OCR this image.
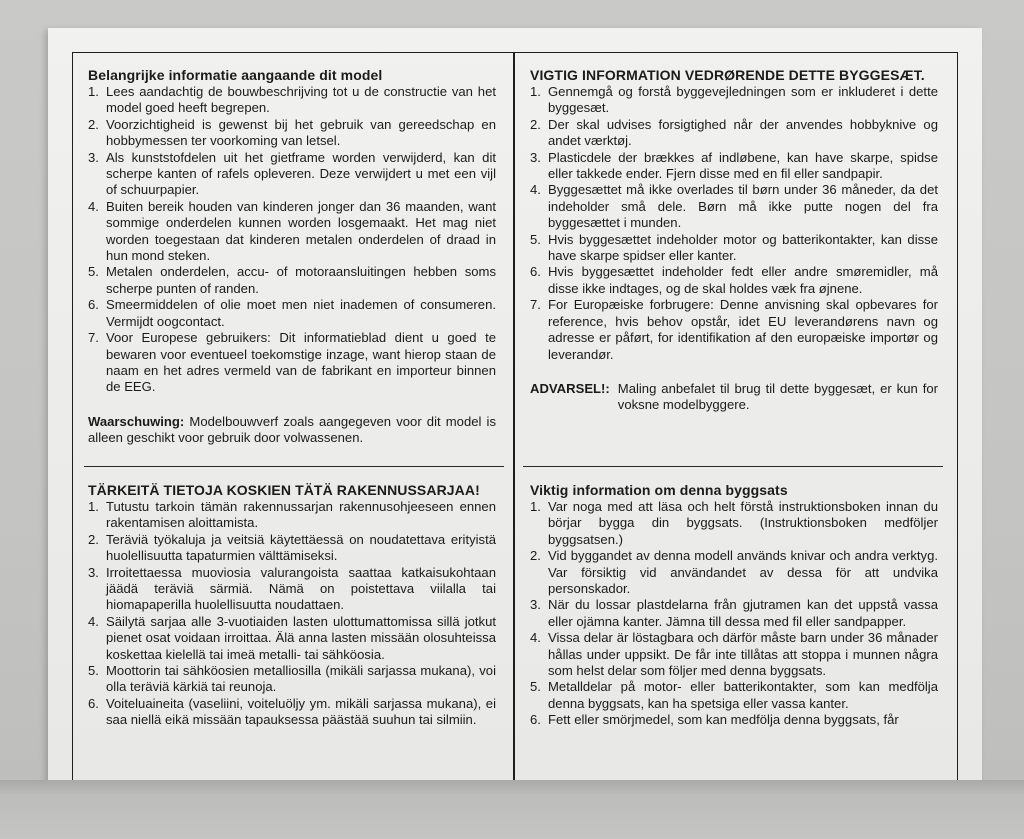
Belangrijke informatie aangaande dit model
1. Lees aandachtig de bouwbeschrijving tot u de constructie van het model goed heeft begrepen.
2. Voorzichtigheid is gewenst bij het gebruik van gereedschap en hobbymessen ter voorkoming van letsel.
3. Als kunststofdelen uit het gietframe worden verwijderd, kan dit scherpe kanten of rafels opleveren. Deze verwijdert u met een vijl of schuurpapier.
4. Buiten bereik houden van kinderen jonger dan 36 maanden, want sommige onderdelen kunnen worden losgemaakt. Het mag niet worden toegestaan dat kinderen metalen onderdelen of draad in hun mond steken.
5. Metalen onderdelen, accu- of motoraansluitingen hebben soms scherpe punten of randen.
6. Smeermiddelen of olie moet men niet inademen of consumeren. Vermijdt oogcontact.
7. Voor Europese gebruikers: Dit informatieblad dient u goed te bewaren voor eventueel toekomstige inzage, want hierop staan de naam en het adres vermeld van de fabrikant en importeur binnen de EEG.
Waarschuwing: Modelbouwverf zoals aangegeven voor dit model is alleen geschikt voor gebruik door volwassenen.
VIGTIG INFORMATION VEDRØRENDE DETTE BYGGESÆT.
1. Gennemgå og forstå byggevejledningen som er inkluderet i dette byggesæt.
2. Der skal udvises forsigtighed når der anvendes hobbyknive og andet værktøj.
3. Plasticdele der brækkes af indløbene, kan have skarpe, spidse eller takkede ender. Fjern disse med en fil eller sandpapir.
4. Byggesættet må ikke overlades til børn under 36 måneder, da det indeholder små dele. Børn må ikke putte nogen del fra byggesættet i munden.
5. Hvis byggesættet indeholder motor og batterikontakter, kan disse have skarpe spidser eller kanter.
6. Hvis byggesættet indeholder fedt eller andre smøremidler, må disse ikke indtages, og de skal holdes væk fra øjnene.
7. For Europæiske forbrugere: Denne anvisning skal opbevares for reference, hvis behov opstår, idet EU leverandørens navn og adresse er påført, for identifikation af den europæiske importør og leverandør.
ADVARSEL!: Maling anbefalet til brug til dette byggesæt, er kun for voksne modelbyggere.
TÄRKEITÄ TIETOJA KOSKIEN TÄTÄ RAKENNUSSARJAA!
1. Tutustu tarkoin tämän rakennussarjan rakennusohjeeseen ennen rakentamisen aloittamista.
2. Teräviä työkaluja ja veitsiä käytettäessä on noudatettava erityistä huolellisuutta tapaturmien välttämiseksi.
3. Irroitettaessa muoviosia valurangoista saattaa katkaisukohtaan jäädä teräviä särmiä. Nämä on poistettava viilalla tai hiomapaperilla huolellisuutta noudattaen.
4. Säilytä sarjaa alle 3-vuotiaiden lasten ulottumattomissa sillä jotkut pienet osat voidaan irroittaa. Älä anna lasten missään olosuhteissa koskettaa kielellä tai imeä metalli- tai sähköosia.
5. Moottorin tai sähköosien metalliosilla (mikäli sarjassa mukana), voi olla teräviä kärkiä tai reunoja.
6. Voiteluaineita (vaseliini, voiteluöljy ym. mikäli sarjassa mukana), ei saa niellä eikä missään tapauksessa päästää suuhun tai silmiin.
Viktig information om denna byggsats
1. Var noga med att läsa och helt förstå instruktionsboken innan du börjar bygga din byggsats. (Instruktionsboken medföljer byggsatsen.)
2. Vid byggandet av denna modell används knivar och andra verktyg. Var försiktig vid användandet av dessa för att undvika personskador.
3. När du lossar plastdelarna från gjutramen kan det uppstå vassa eller ojämna kanter. Jämna till dessa med fil eller sandpapper.
4. Vissa delar är löstagbara och därför måste barn under 36 månader hållas under uppsikt. De får inte tillåtas att stoppa i munnen några som helst delar som följer med denna byggsats.
5. Metalldelar på motor- eller batterikontakter, som kan medfölja denna byggsats, kan ha spetsiga eller vassa kanter.
6. Fett eller smörjmedel, som kan medfölja denna byggsats, får
